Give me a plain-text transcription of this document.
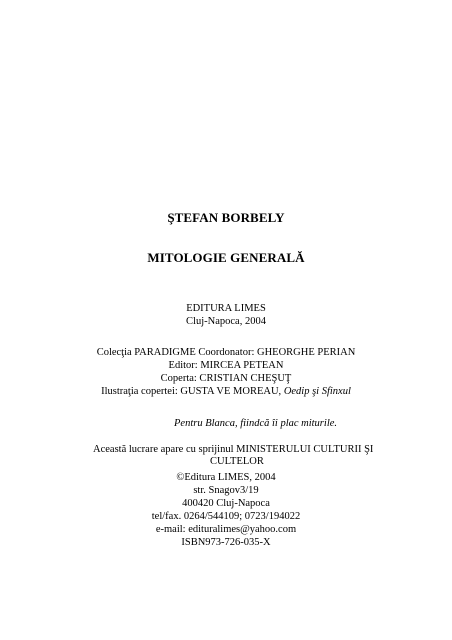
ŞTEFAN BORBELY
MITOLOGIE GENERALĂ
EDITURA LIMES
Cluj-Napoca, 2004
Colecţia PARADIGME Coordonator: GHEORGHE PERIAN
Editor: MIRCEA PETEAN
Coperta: CRISTIAN CHEŞUŢ
Ilustraţia copertei: GUSTA VE MOREAU, Oedip şi Sfinxul
Pentru Blanca, fiindcă îi plac miturile.
Această lucrare apare cu sprijinul MINISTERULUI CULTURII ŞI
CULTELOR
©Editura LIMES, 2004
str. Snagov3/19
400420 Cluj-Napoca
tel/fax. 0264/544109; 0723/194022
e-mail: edituralimes@yahoo.com
ISBN973-726-035-X
